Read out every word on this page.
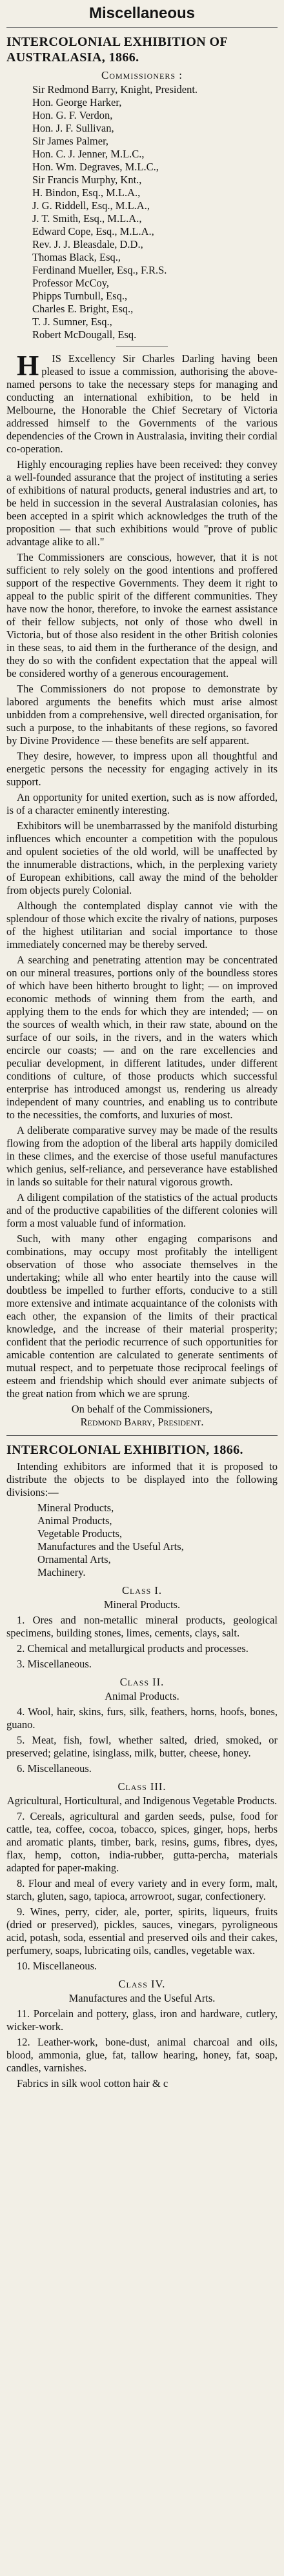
Miscellaneous
INTERCOLONIAL EXHIBITION OF AUSTRALASIA, 1866.
Commissioners :
Sir Redmond Barry, Knight, President.
Hon. George Harker,
Hon. G. F. Verdon,
Hon. J. F. Sullivan,
Sir James Palmer,
Hon. C. J. Jenner, M.L.C.,
Hon. Wm. Degraves, M.L.C.,
Sir Francis Murphy, Knt.,
H. Bindon, Esq., M.L.A.,
J. G. Riddell, Esq., M.L.A.,
J. T. Smith, Esq., M.L.A.,
Edward Cope, Esq., M.L.A.,
Rev. J. J. Bleasdale, D.D.,
Thomas Black, Esq.,
Ferdinand Mueller, Esq., F.R.S.
Professor McCoy,
Phipps Turnbull, Esq.,
Charles E. Bright, Esq.,
T. J. Sumner, Esq.,
Robert McDougall, Esq.

HIS Excellency Sir Charles Darling having been pleased to issue a commission, authorising the above-named persons to take the necessary steps for managing and conducting an international exhibition, to be held in Melbourne, the Honorable the Chief Secretary of Victoria addressed himself to the Governments of the various dependencies of the Crown in Australasia, inviting their cordial co-operation.

Highly encouraging replies have been received: they convey a well-founded assurance that the project of instituting a series of exhibitions of natural products, general industries and art, to be held in succession in the several Australasian colonies, has been accepted in a spirit which acknowledges the truth of the proposition — that such exhibitions would "prove of public advantage alike to all."

The Commissioners are conscious, however, that it is not sufficient to rely solely on the good intentions and proffered support of the respective Governments. They deem it right to appeal to the public spirit of the different communities. They have now the honor, therefore, to invoke the earnest assistance of their fellow subjects, not only of those who dwell in Victoria, but of those also resident in the other British colonies in these seas, to aid them in the furtherance of the design, and they do so with the confident expectation that the appeal will be considered worthy of a generous encouragement.

The Commissioners do not propose to demonstrate by labored arguments the benefits which must arise almost unbidden from a comprehensive, well directed organisation, for such a purpose, to the inhabitants of these regions, so favored by Divine Providence — these benefits are self apparent.

They desire, however, to impress upon all thoughtful and energetic persons the necessity for engaging actively in its support.

An opportunity for united exertion, such as is now afforded, is of a character eminently interesting.

Exhibitors will be unembarrassed by the manifold disturbing influences which encounter a competition with the populous and opulent societies of the old world, will be unaffected by the innumerable distractions, which, in the perplexing variety of European exhibitions, call away the mind of the beholder from objects purely Colonial.

Although the contemplated display cannot vie with the splendour of those which excite the rivalry of nations, purposes of the highest utilitarian and social importance to those immediately concerned may be thereby served.

A searching and penetrating attention may be concentrated on our mineral treasures, portions only of the boundless stores of which have been hitherto brought to light; — on improved economic methods of winning them from the earth, and applying them to the ends for which they are intended; — on the sources of wealth which, in their raw state, abound on the surface of our soils, in the rivers, and in the waters which encircle our coasts; — and on the rare excellencies and peculiar development, in different latitudes, under different conditions of culture, of those products which successful enterprise has introduced amongst us, rendering us already independent of many countries, and enabling us to contribute to the necessities, the comforts, and luxuries of most.

A deliberate comparative survey may be made of the results flowing from the adoption of the liberal arts happily domiciled in these climes, and the exercise of those useful manufactures which genius, self-reliance, and perseverance have established in lands so suitable for their natural vigorous growth.

A diligent compilation of the statistics of the actual products and of the productive capabilities of the different colonies will form a most valuable fund of information.

Such, with many other engaging comparisons and combinations, may occupy most profitably the intelligent observation of those who associate themselves in the undertaking; while all who enter heartily into the cause will doubtless be impelled to further efforts, conducive to a still more extensive and intimate acquaintance of the colonists with each other, the expansion of the limits of their practical knowledge, and the increase of their material prosperity; confident that the periodic recurrence of such opportunities for amicable contention are calculated to generate sentiments of mutual respect, and to perpetuate those reciprocal feelings of esteem and friendship which should ever animate subjects of the great nation from which we are sprung.

On behalf of the Commissioners,
Redmond Barry, President.
INTERCOLONIAL EXHIBITION, 1866.

Intending exhibitors are informed that it is proposed to distribute the objects to be displayed into the following divisions:—

Mineral Products,
Animal Products,
Vegetable Products,
Manufactures and the Useful Arts,
Ornamental Arts,
Machinery.
Class I.
Mineral Products.
1. Ores and non-metallic mineral products, geological specimens, building stones, limes, cements, clays, salt.
2. Chemical and metallurgical products and processes.
3. Miscellaneous.
Class II.
Animal Products.
4. Wool, hair, skins, furs, silk, feathers, horns, hoofs, bones, guano.
5. Meat, fish, fowl, whether salted, dried, smoked, or preserved; gelatine, isinglass, milk, butter, cheese, honey.
6. Miscellaneous.
Class III.
Agricultural, Horticultural, and Indigenous Vegetable Products.
7. Cereals, agricultural and garden seeds, pulse, food for cattle, tea, coffee, cocoa, tobacco, spices, ginger, hops, herbs and aromatic plants, timber, bark, resins, gums, fibres, dyes, flax, hemp, cotton, india-rubber, gutta-percha, materials adapted for paper-making.
8. Flour and meal of every variety and in every form, malt, starch, gluten, sago, tapioca, arrowroot, sugar, confectionery.
9. Wines, perry, cider, ale, porter, spirits, liqueurs, fruits (dried or preserved), pickles, sauces, vinegars, pyroligneous acid, potash, soda, essential and preserved oils and their cakes, perfumery, soaps, lubricating oils, candles, vegetable wax.
10. Miscellaneous.
Class IV.
Manufactures and the Useful Arts.
11. Porcelain and pottery, glass, iron and hardware, cutlery, wicker-work.
12. Leather-work, bone-dust, animal charcoal and oils, blood, ammonia, glue, fat, tallow hearing, honey, fat, soap, candles, varnishes.
Fabrics in silk wool cotton hair & c
